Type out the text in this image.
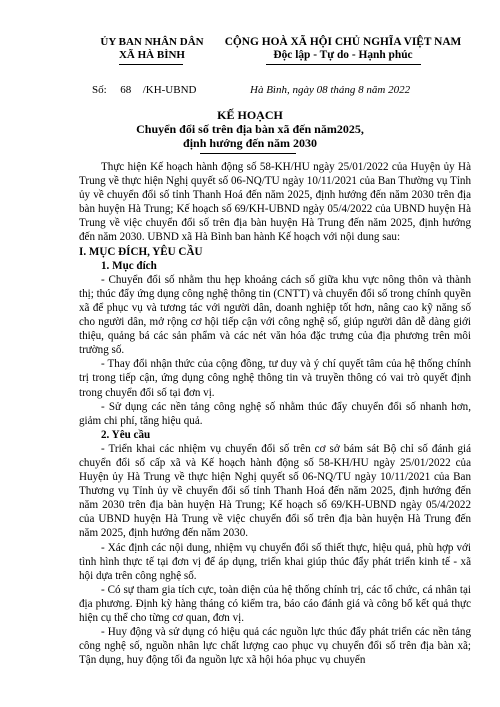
ỦY BAN NHÂN DÂN
XÃ HÀ BÌNH
CỘNG HOÀ XÃ HỘI CHỦ NGHĨA VIỆT NAM
Độc lập - Tự do - Hạnh phúc
Số: 68 /KH-UBND	Hà Bình, ngày 08 tháng 8 năm 2022
KẾ HOẠCH
Chuyển đổi số trên địa bàn xã đến năm2025,
định hướng đến năm 2030

Thực hiện Kế hoạch hành động số 58-KH/HU ngày 25/01/2022 của Huyện ủy Hà Trung về thực hiện Nghị quyết số 06-NQ/TU ngày 10/11/2021 của Ban Thường vụ Tỉnh ủy về chuyển đổi số tỉnh Thanh Hoá đến năm 2025, định hướng đến năm 2030 trên địa bàn huyện Hà Trung; Kế hoạch số 69/KH-UBND ngày 05/4/2022 của UBND huyện Hà Trung về việc chuyển đổi số trên địa bàn huyện Hà Trung đến năm 2025, định hướng đến năm 2030. UBND xã Hà Bình ban hành Kế hoạch với nội dung sau:

I. MỤC ĐÍCH, YÊU CẦU
1. Mục đích

- Chuyển đổi số nhằm thu hẹp khoảng cách số giữa khu vực nông thôn và thành thị; thúc đẩy ứng dụng công nghệ thông tin (CNTT) và chuyển đổi số trong chính quyền xã để phục vụ và tương tác với người dân, doanh nghiệp tốt hơn, nâng cao kỹ năng số cho người dân, mở rộng cơ hội tiếp cận với công nghệ số, giúp người dân dễ dàng giới thiệu, quảng bá các sản phẩm và các nét văn hóa đặc trưng của địa phương trên môi trường số.

- Thay đổi nhận thức của cộng đồng, tư duy và ý chí quyết tâm của hệ thống chính trị trong tiếp cận, ứng dụng công nghệ thông tin và truyền thông có vai trò quyết định trong chuyển đổi số tại đơn vị.

- Sử dụng các nền tảng công nghệ số nhằm thúc đẩy chuyển đổi số nhanh hơn, giảm chi phí, tăng hiệu quả.

2. Yêu cầu

- Triển khai các nhiệm vụ chuyển đổi số trên cơ sở bám sát Bộ chỉ số đánh giá chuyển đổi số cấp xã và Kế hoạch hành động số 58-KH/HU ngày 25/01/2022 của Huyện ủy Hà Trung về thực hiện Nghị quyết số 06-NQ/TU ngày 10/11/2021 của Ban Thương vụ Tỉnh ủy về chuyển đổi số tỉnh Thanh Hoá đến năm 2025, định hướng đến năm 2030 trên địa bàn huyện Hà Trung; Kế hoạch số 69/KH-UBND ngày 05/4/2022 của UBND huyện Hà Trung về việc chuyển đổi số trên địa bàn huyện Hà Trung đến năm 2025, định hướng đến năm 2030.

- Xác định các nội dung, nhiệm vụ chuyển đổi số thiết thực, hiệu quả, phù hợp với tình hình thực tế tại đơn vị để áp dụng, triển khai giúp thúc đẩy phát triển kinh tế - xã hội dựa trên công nghệ số.

- Có sự tham gia tích cực, toàn diện của hệ thống chính trị, các tổ chức, cá nhân tại địa phương. Định kỳ hàng tháng có kiểm tra, báo cáo đánh giá và công bố kết quả thực hiện cụ thể cho từng cơ quan, đơn vị.

- Huy động và sử dụng có hiệu quả các nguồn lực thúc đẩy phát triển các nền tảng công nghệ số, nguồn nhân lực chất lượng cao phục vụ chuyển đổi số trên địa bàn xã; Tận dụng, huy động tối đa nguồn lực xã hội hóa phục vụ chuyển
